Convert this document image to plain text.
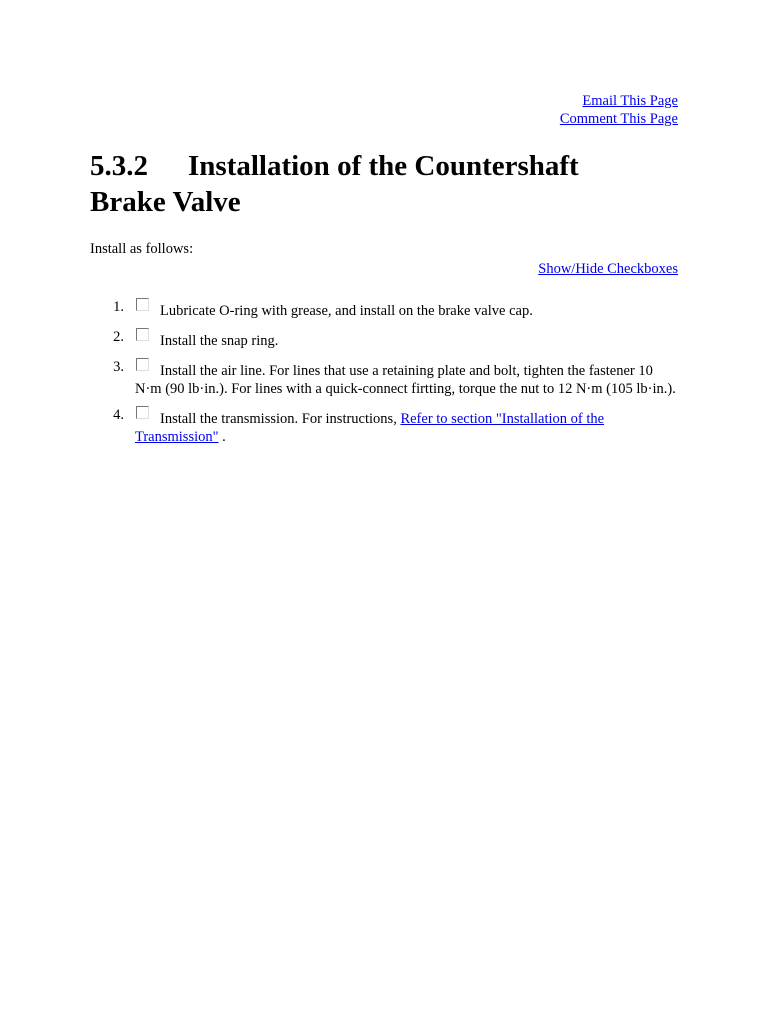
Email This Page
Comment This Page
5.3.2 Installation of the Countershaft
Brake Valve
Install as follows:
Show/Hide Checkboxes
1. Lubricate O-ring with grease, and install on the brake valve cap.
2. Install the snap ring.
3. Install the air line. For lines that use a retaining plate and bolt, tighten the fastener 10 N·m (90 lb·in.). For lines with a quick-connect firtting, torque the nut to 12 N·m (105 lb·in.).
4. Install the transmission. For instructions, Refer to section "Installation of the Transmission" .
